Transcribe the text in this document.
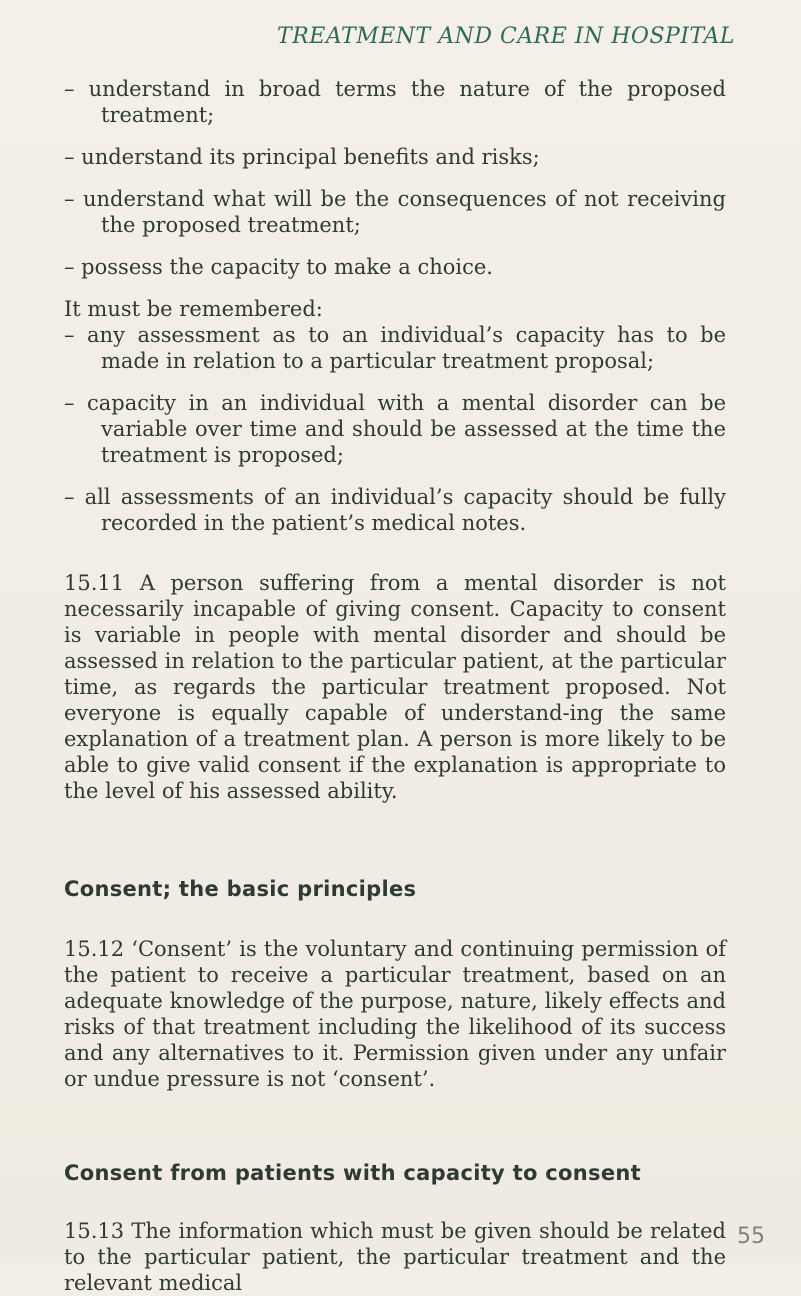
TREATMENT AND CARE IN HOSPITAL

– understand in broad terms the nature of the proposed treatment;

– understand its principal benefits and risks;

– understand what will be the consequences of not receiving the proposed treatment;

– possess the capacity to make a choice.

It must be remembered:

– any assessment as to an individual’s capacity has to be made in relation to a particular treatment proposal;

– capacity in an individual with a mental disorder can be variable over time and should be assessed at the time the treatment is proposed;

– all assessments of an individual’s capacity should be fully recorded in the patient’s medical notes.

15.11 A person suffering from a mental disorder is not necessarily incapable of giving consent. Capacity to consent is variable in people with mental disorder and should be assessed in relation to the particular patient, at the particular time, as regards the particular treatment proposed. Not everyone is equally capable of understand-ing the same explanation of a treatment plan. A person is more likely to be able to give valid consent if the explanation is appropriate to the level of his assessed ability.

Consent; the basic principles

15.12 ‘Consent’ is the voluntary and continuing permission of the patient to receive a particular treatment, based on an adequate knowledge of the purpose, nature, likely effects and risks of that treatment including the likelihood of its success and any alternatives to it. Permission given under any unfair or undue pressure is not ‘consent’.

Consent from patients with capacity to consent

15.13 The information which must be given should be related to the particular patient, the particular treatment and the relevant medical

55
